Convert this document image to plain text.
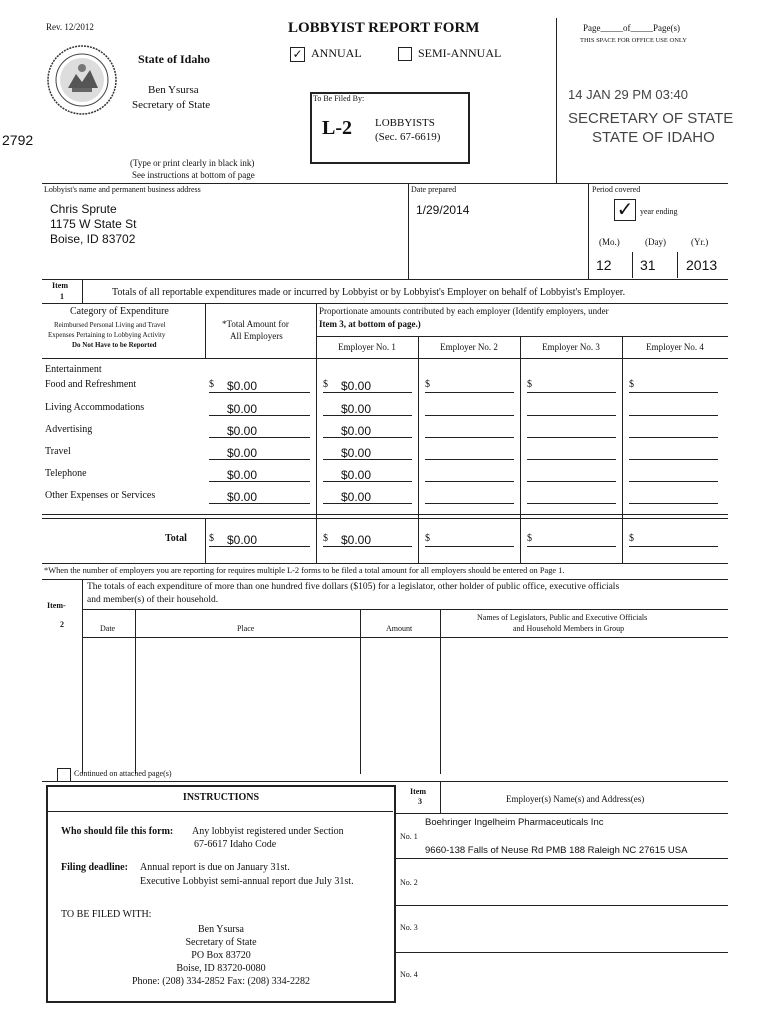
Rev. 12/2012	LOBBYIST REPORT FORM
State of Idaho
Ben Ysursa
Secretary of State
✓ ANNUAL	SEMI-ANNUAL
To Be Filed By:
L-2 LOBBYISTS
(Sec. 67-6619)
2792
(Type or print clearly in black ink)
See instructions at bottom of page
Page_____of_____Page(s)
THIS SPACE FOR OFFICE USE ONLY
14 JAN 29 PM 03:40
SECRETARY OF STATE
STATE OF IDAHO
Lobbyist's name and permanent business address
Chris Sprute
1175 W State St
Boise, ID 83702
Date prepared
1/29/2014
Period covered
✓ year ending
(Mo.)	(Day)	(Yr.)
12 31 2013
Item
1	Totals of all reportable expenditures made or incurred by Lobbyist or by Lobbyist's Employer on behalf of Lobbyist's Employer.
Category of Expenditure
Reimbursed Personal Living and Travel
Expenses Pertaining to Lobbying Activity
Do Not Have to be Reported
*Total Amount for
All Employers
Proportionate amounts contributed by each employer (Identify employers, under
Item 3, at bottom of page.)
Employer No. 1	Employer No. 2	Employer No. 3	Employer No. 4
Entertainment
Food and Refreshment	$ $0.00	$ $0.00	$	$	$
Living Accommodations	$0.00	$0.00
Advertising	$0.00	$0.00
Travel	$0.00	$0.00
Telephone	$0.00	$0.00
Other Expenses or Services	$0.00	$0.00
Total $ $0.00	$ $0.00	$	$	$
*When the number of employers you are reporting for requires multiple L-2 forms to be filed a total amount for all employers should be entered on Page 1.
Item-
2
The totals of each expenditure of more than one hundred five dollars ($105) for a legislator, other holder of public office, executive officials
and member(s) of their household.
Date	Place	Amount
Names of Legislators, Public and Executive Officials
and Household Members in Group
Continued on attached page(s)
INSTRUCTIONS
Who should file this form: Any lobbyist registered under Section
67-6617 Idaho Code
Filing deadline: Annual report is due on January 31st.
Executive Lobbyist semi-annual report due July 31st.
TO BE FILED WITH:
Ben Ysursa
Secretary of State
PO Box 83720
Boise, ID 83720-0080
Phone: (208) 334-2852 Fax: (208) 334-2282
Item
3	Employer(s) Name(s) and Address(es)
No. 1
Boehringer Ingelheim Pharmaceuticals Inc
9660-138 Falls of Neuse Rd PMB 188 Raleigh NC 27615 USA
No. 2
No. 3
No. 4
